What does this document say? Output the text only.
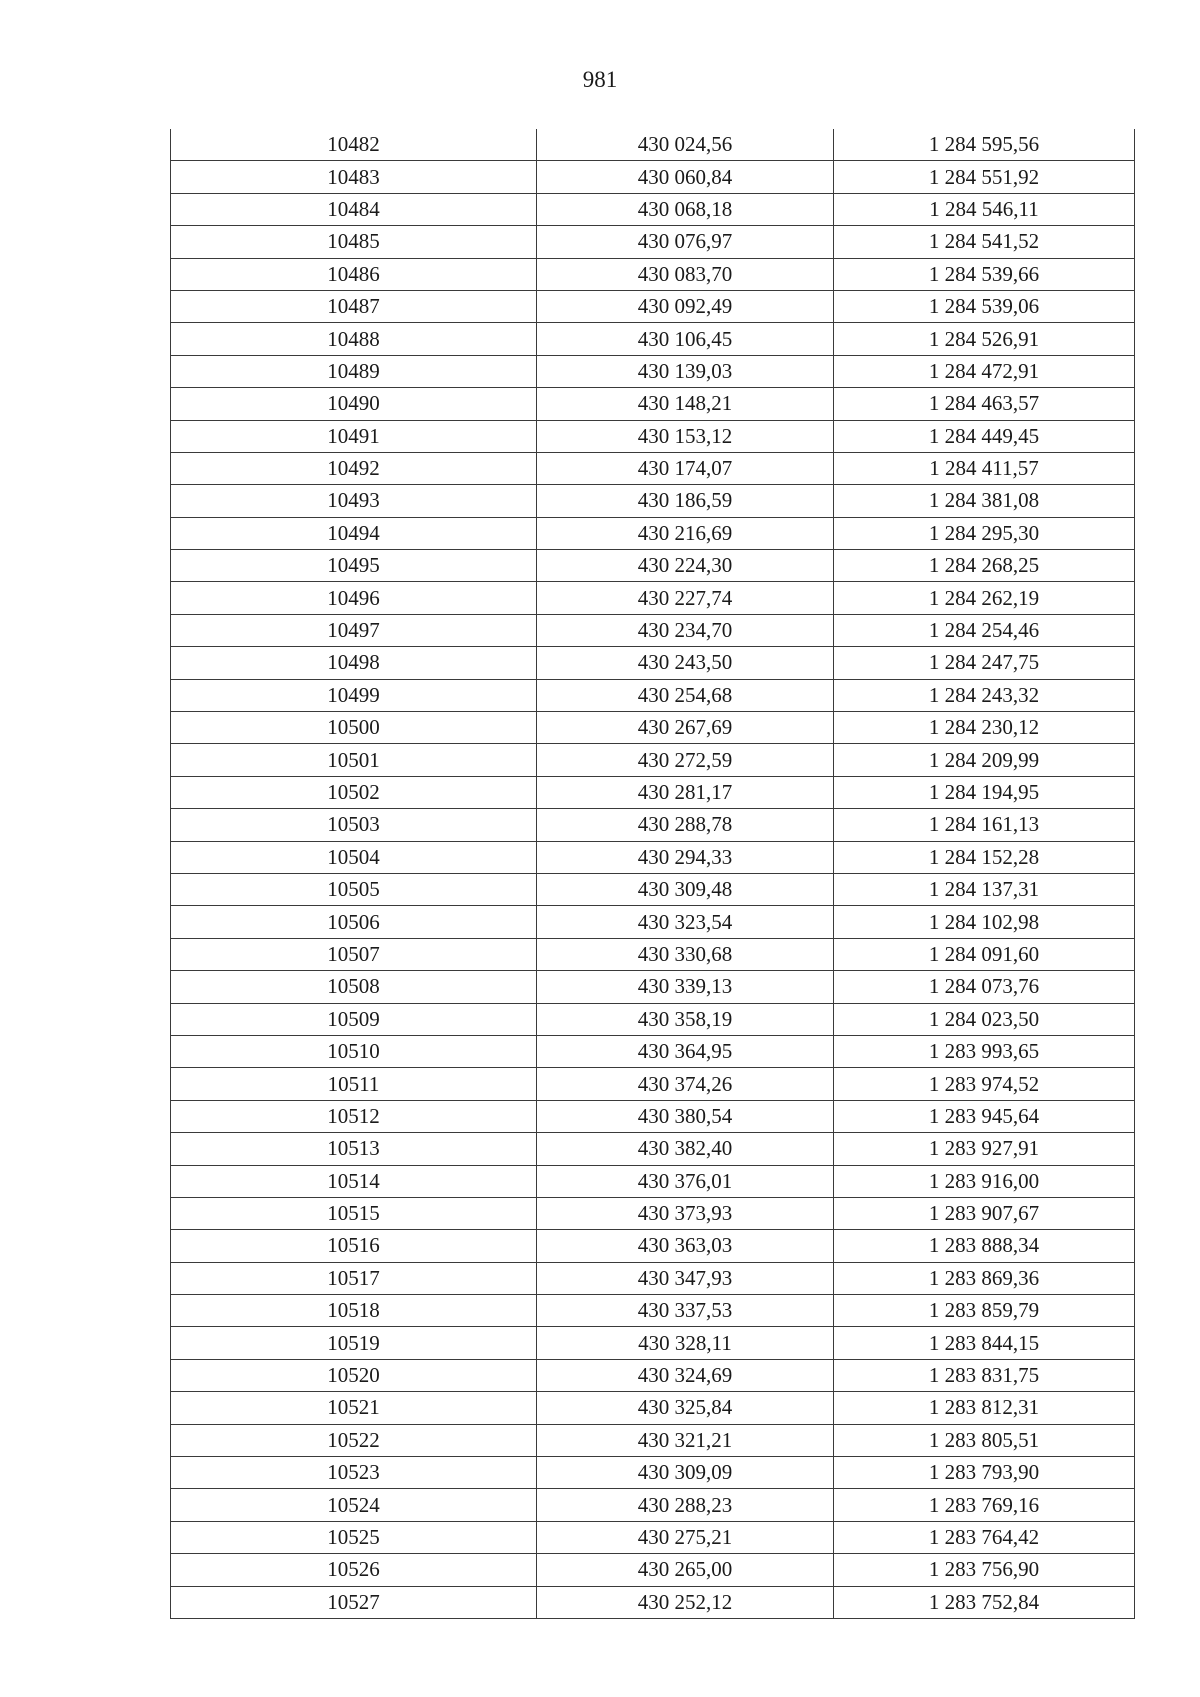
981
10482	430 024,56	1 284 595,56
10483	430 060,84	1 284 551,92
10484	430 068,18	1 284 546,11
10485	430 076,97	1 284 541,52
10486	430 083,70	1 284 539,66
10487	430 092,49	1 284 539,06
10488	430 106,45	1 284 526,91
10489	430 139,03	1 284 472,91
10490	430 148,21	1 284 463,57
10491	430 153,12	1 284 449,45
10492	430 174,07	1 284 411,57
10493	430 186,59	1 284 381,08
10494	430 216,69	1 284 295,30
10495	430 224,30	1 284 268,25
10496	430 227,74	1 284 262,19
10497	430 234,70	1 284 254,46
10498	430 243,50	1 284 247,75
10499	430 254,68	1 284 243,32
10500	430 267,69	1 284 230,12
10501	430 272,59	1 284 209,99
10502	430 281,17	1 284 194,95
10503	430 288,78	1 284 161,13
10504	430 294,33	1 284 152,28
10505	430 309,48	1 284 137,31
10506	430 323,54	1 284 102,98
10507	430 330,68	1 284 091,60
10508	430 339,13	1 284 073,76
10509	430 358,19	1 284 023,50
10510	430 364,95	1 283 993,65
10511	430 374,26	1 283 974,52
10512	430 380,54	1 283 945,64
10513	430 382,40	1 283 927,91
10514	430 376,01	1 283 916,00
10515	430 373,93	1 283 907,67
10516	430 363,03	1 283 888,34
10517	430 347,93	1 283 869,36
10518	430 337,53	1 283 859,79
10519	430 328,11	1 283 844,15
10520	430 324,69	1 283 831,75
10521	430 325,84	1 283 812,31
10522	430 321,21	1 283 805,51
10523	430 309,09	1 283 793,90
10524	430 288,23	1 283 769,16
10525	430 275,21	1 283 764,42
10526	430 265,00	1 283 756,90
10527	430 252,12	1 283 752,84
